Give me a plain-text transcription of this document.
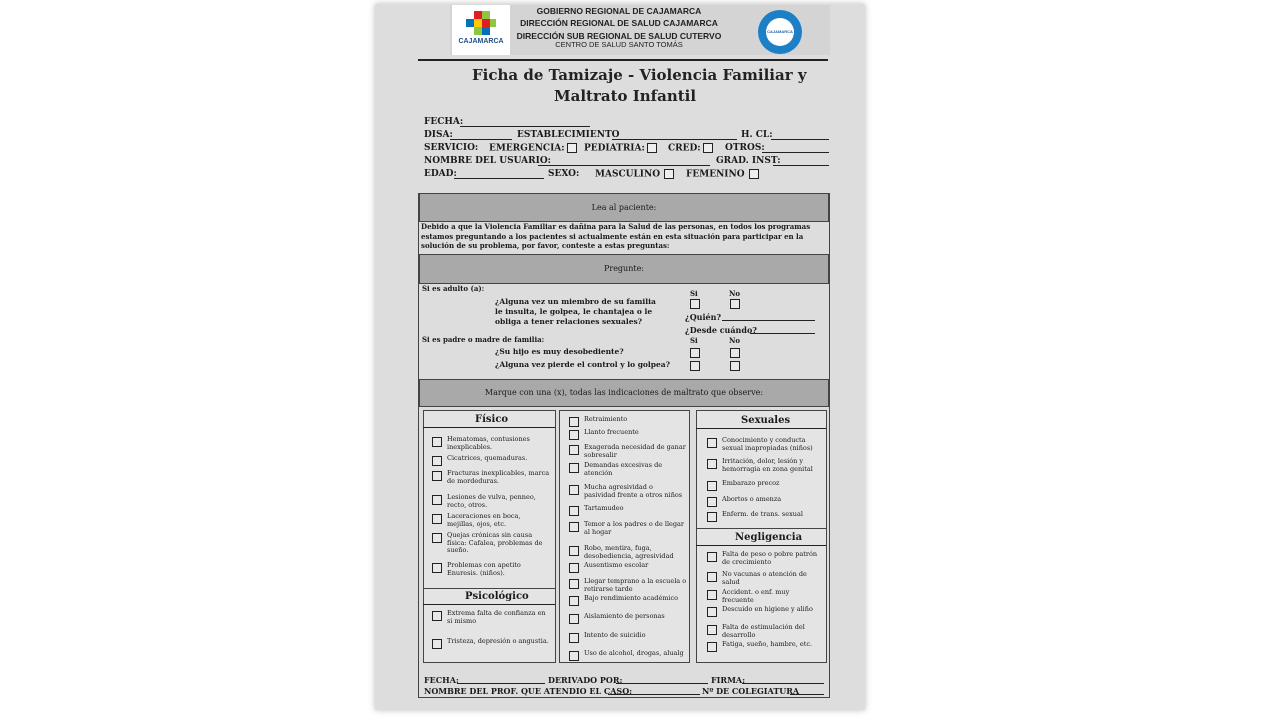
CAJAMARCA
CAJAMARCA
GOBIERNO REGIONAL DE CAJAMARCA
DIRECCIÓN REGIONAL DE SALUD CAJAMARCA
DIRECCIÓN SUB REGIONAL DE SALUD CUTERVO
CENTRO DE SALUD SANTO TOMÁS
Ficha de Tamizaje - Violencia Familiar y
Maltrato Infantil
FECHA:
DISA:	ESTABLECIMIENTO	H. CL:
SERVICIO: EMERGENCIA:	PEDIATRIA:	CRED:	OTROS:
NOMBRE DEL USUARIO:	GRAD. INST:
EDAD:	SEXO: MASCULINO	FEMENINO
Lea al paciente:
Debido a que la Violencia Familiar es dañina para la Salud de las personas, en todos los programas estamos preguntando a los pacientes si actualmente están en esta situación para participar en la solución de su problema, por favor, conteste a estas preguntas:
Pregunte:
Si es adulto (a):
¿Alguna vez un miembro de su familia
le insulta, le golpea, le chantajea o le
obliga a tener relaciones sexuales?
Si	No
¿Quién?
¿Desde cuándo?
Si es padre o madre de familia:	Si	No
¿Su hijo es muy desobediente?
¿Alguna vez pierde el control y lo golpea?
Marque con una (x), todas las indicaciones de maltrato que observe:
Físico
Psicológico
Sexuales
Negligencia
Hematomas, contusiones
inexplicables.
Cicatrices, quemaduras.
Fracturas inexplicables, marca
de mordeduras.
Lesiones de vulva, penneo,
recto, otros.
Laceraciones en boca,
mejillas, ojos, etc.
Quejas crónicas sin causa
física: Cafalea, problemas de
sueño.
Problemas con apetito
Enuresis. (niños).
Extrema falta de confianza en
si mismo
Tristeza, depresión o angustia.
Retraimiento
Llanto frecuente
Exagerada necesidad de ganar
sobresalir
Demandas excesivas de
atención
Mucha agresividad o
pasividad frente a otros niños
Tartamudeo
Temor a los padres o de llegar
al hogar
Robo, mentira, fuga,
desobediencia, agresividad
Ausentismo escolar
Llegar temprano a la escuela o
retirarse tarde
Bajo rendimiento académico
Aislamiento de personas
Intento de suicidio
Uso de alcohol, drogas, alualg
Conocimiento y conducta
sexual inapropiadas (niños)
Irritación, dolor, lesión y
hemorragia en zona genital
Embarazo precoz
Abortos o amenza
Enferm. de trans. sexual
Falta de peso o pobre patrón
de crecimiento
No vacunas o atención de
salud
Accident. o enf. muy
frecuente
Descuido en higiene y aliño
Falta de estimulación del
desarrollo
Fatiga, sueño, hambre, etc.
FECHA:	DERIVADO POR:	FIRMA:
NOMBRE DEL PROF. QUE ATENDIO EL CASO:	Nº DE COLEGIATURA
